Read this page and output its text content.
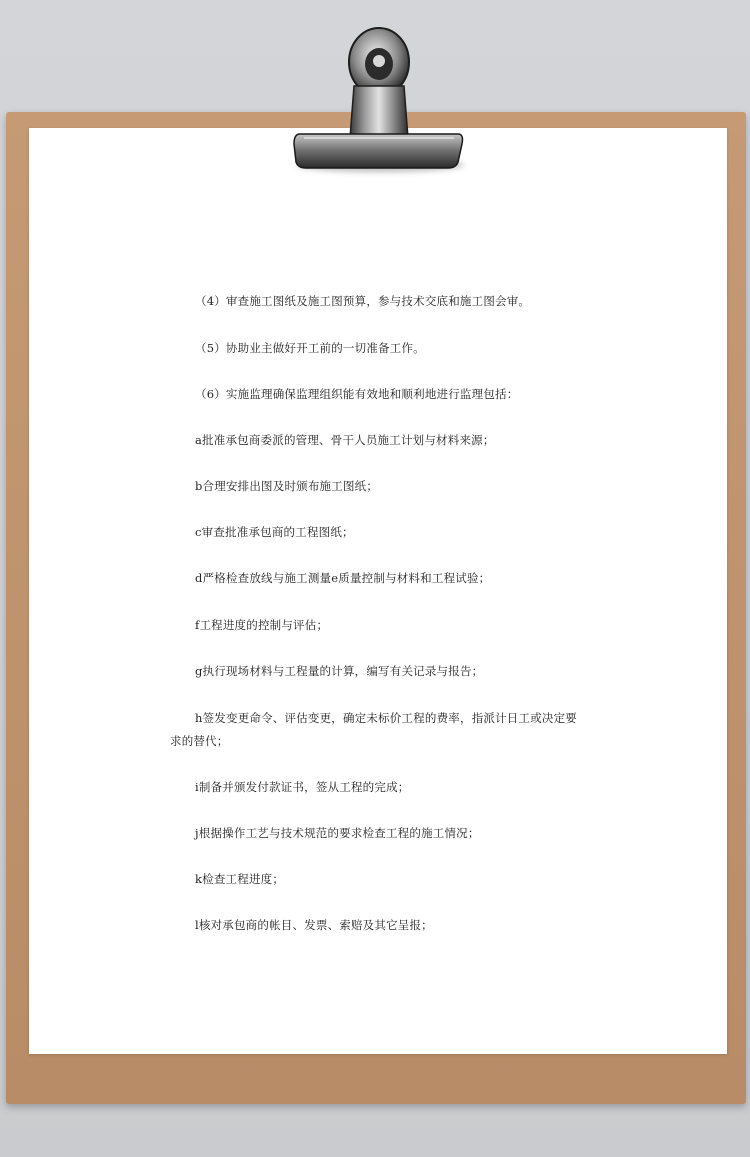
（4）审查施工图纸及施工图预算，参与技术交底和施工图会审。
（5）协助业主做好开工前的一切准备工作。
（6）实施监理确保监理组织能有效地和顺利地进行监理包括：
a批准承包商委派的管理、骨干人员施工计划与材料来源；
b合理安排出图及时颁布施工图纸；
c审查批准承包商的工程图纸；
d严格检查放线与施工测量e质量控制与材料和工程试验；
f工程进度的控制与评估；
g执行现场材料与工程量的计算，编写有关记录与报告；
h签发变更命令、评估变更，确定未标价工程的费率，指派计日工或决定要
求的替代；
i制备并颁发付款证书，签从工程的完成；
j根据操作工艺与技术规范的要求检查工程的施工情况；
k检查工程进度；
l核对承包商的帐目、发票、索赔及其它呈报；
